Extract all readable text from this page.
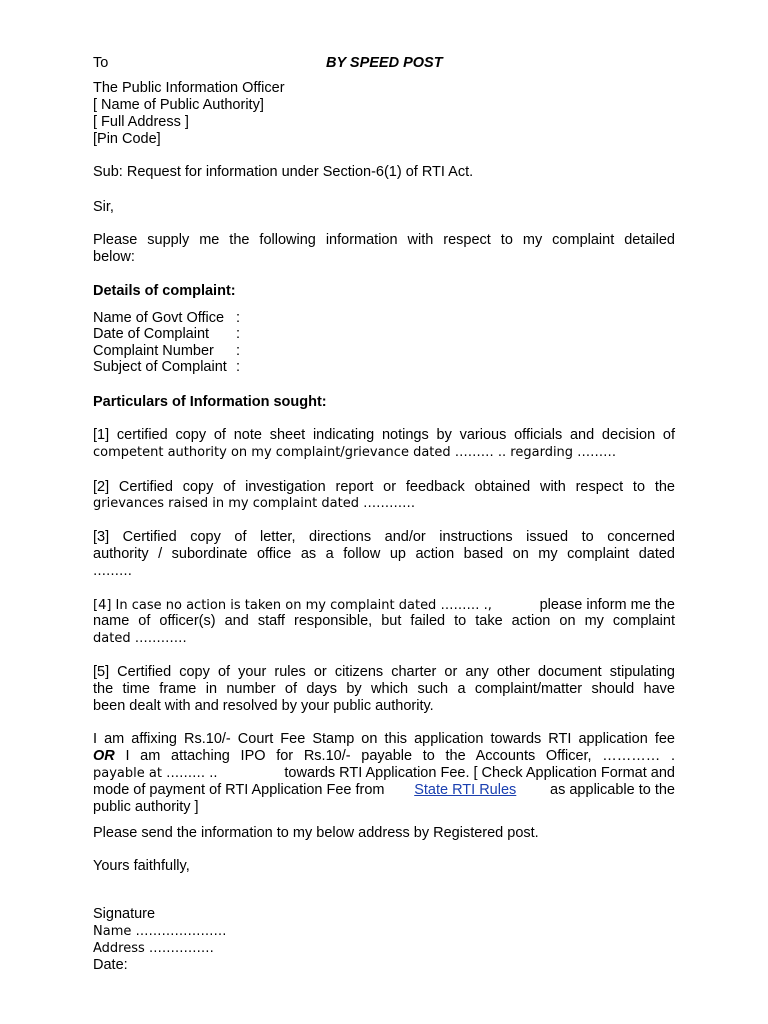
To	BY SPEED POST
The Public Information Officer
[ Name of Public Authority]
[ Full Address ]
[Pin Code]
Sub: Request for information under Section-6(1) of RTI Act.
Sir,
Please supply me the following information with respect to my complaint detailed
below:
Details of complaint:
Name of Govt Office :
Date of Complaint	:
Complaint Number	:
Subject of Complaint :
Particulars of Information sought:
[1] certified copy of note sheet indicating notings by various officials and decision of
competent authority on my complaint/grievance dated ……… .. regarding ………
[2] Certified copy of investigation report or feedback obtained with respect to the
grievances raised in my complaint dated …………
[3] Certified copy of letter, directions and/or instructions issued to concerned
authority / subordinate office as a follow up action based on my complaint dated
………
[4] In case no action is taken on my complaint dated ……… .,	please inform me the
name of officer(s) and staff responsible, but failed to take action on my complaint
dated …………
[5] Certified copy of your rules or citizens charter or any other document stipulating
the time frame in number of days by which such a complaint/matter should have
been dealt with and resolved by your public authority.
I am affixing Rs.10/- Court Fee Stamp on this application towards RTI application fee
OR I am attaching IPO for Rs.10/- payable to the Accounts Officer, ………… .
payable at ……… ..	towards RTI Application Fee. [ Check Application Format and
mode of payment of RTI Application Fee from State RTI Rules as applicable to the
public authority ]
Please send the information to my below address by Registered post.
Yours faithfully,
Signature
Name …………………
Address ……………
Date:
